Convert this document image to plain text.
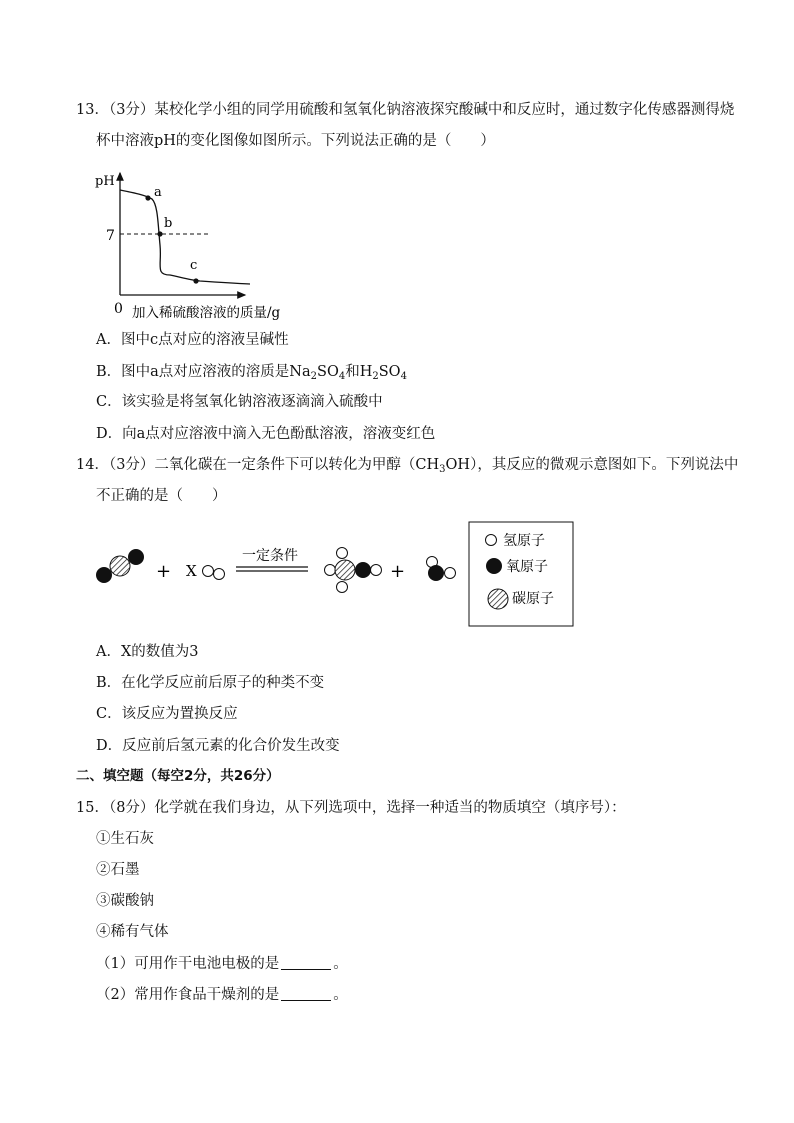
13．（3分）某校化学小组的同学用硫酸和氢氧化钠溶液探究酸碱中和反应时，通过数字化传感器测得烧
杯中溶液pH的变化图像如图所示。下列说法正确的是（　　）
a
b
c
pH
7
0 加入稀硫酸溶液的质量/g
A．图中c点对应的溶液呈碱性
B．图中a点对应溶液的溶质是$Na_2SO_4$和$H_2SO_4$
C．该实验是将氢氧化钠溶液逐滴滴入硫酸中
D．向a点对应溶液中滴入无色酚酞溶液，溶液变红色
14．（3分）二氧化碳在一定条件下可以转化为甲醇$(CH_3OH)$，其反应的微观示意图如下。下列说法中
不正确的是（　　）
+ X
一定条件
+
氢原子
氧原子
碳原子
A．X的数值为3
B．在化学反应前后原子的种类不变
C．该反应为置换反应
D．反应前后氢元素的化合价发生改变
二、填空题（每空2分，共26分）
15．（8分）化学就在我们身边，从下列选项中，选择一种适当的物质填空（填序号）：
①生石灰
②石墨
③碳酸钠
④稀有气体
（1）可用作干电池电极的是	。
（2）常用作食品干燥剂的是	。
